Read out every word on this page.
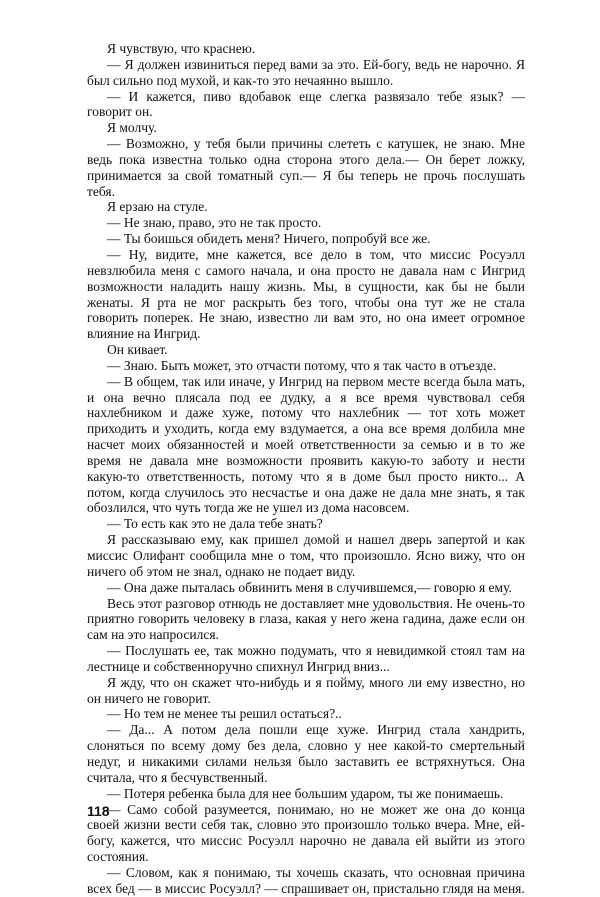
Я чувствую, что краснею.

— Я должен извиниться перед вами за это. Ей-богу, ведь не нарочно. Я был сильно под мухой, и как-то это нечаянно вышло.

— И кажется, пиво вдобавок еще слегка развязало тебе язык? — говорит он.

Я молчу.

— Возможно, у тебя были причины слететь с катушек, не знаю. Мне ведь пока известна только одна сторона этого дела.— Он берет ложку, принимается за свой томатный суп.— Я бы теперь не прочь послушать тебя.

Я ерзаю на стуле.

— Не знаю, право, это не так просто.

— Ты боишься обидеть меня? Ничего, попробуй все же.

— Ну, видите, мне кажется, все дело в том, что миссис Росуэлл невзлюбила меня с самого начала, и она просто не давала нам с Ингрид возможности наладить нашу жизнь. Мы, в сущности, как бы не были женаты. Я рта не мог раскрыть без того, чтобы она тут же не стала говорить поперек. Не знаю, известно ли вам это, но она имеет огромное влияние на Ингрид.

Он кивает.

— Знаю. Быть может, это отчасти потому, что я так часто в отъезде.

— В общем, так или иначе, у Ингрид на первом месте всегда была мать, и она вечно плясала под ее дудку, а я все время чувствовал себя нахлебником и даже хуже, потому что нахлебник — тот хоть может приходить и уходить, когда ему вздумается, а она все время долбила мне насчет моих обязанностей и моей ответственности за семью и в то же время не давала мне возможности проявить какую-то заботу и нести какую-то ответственность, потому что я в доме был просто никто... А потом, когда случилось это несчастье и она даже не дала мне знать, я так обозлился, что чуть тогда же не ушел из дома насовсем.

— То есть как это не дала тебе знать?

Я рассказываю ему, как пришел домой и нашел дверь запертой и как миссис Олифант сообщила мне о том, что произошло. Ясно вижу, что он ничего об этом не знал, однако не подает виду.

— Она даже пыталась обвинить меня в случившемся,— говорю я ему.

Весь этот разговор отнюдь не доставляет мне удовольствия. Не очень-то приятно говорить человеку в глаза, какая у него жена гадина, даже если он сам на это напросился.

— Послушать ее, так можно подумать, что я невидимкой стоял там на лестнице и собственноручно спихнул Ингрид вниз...

Я жду, что он скажет что-нибудь и я пойму, много ли ему известно, но он ничего не говорит.

— Но тем не менее ты решил остаться?..

— Да... А потом дела пошли еще хуже. Ингрид стала хандрить, слоняться по всему дому без дела, словно у нее какой-то смертельный недуг, и никакими силами нельзя было заставить ее встряхнуться. Она считала, что я бесчувственный.

— Потеря ребенка была для нее большим ударом, ты же понимаешь.

— Само собой разумеется, понимаю, но не может же она до конца своей жизни вести себя так, словно это произошло только вчера. Мне, ей-богу, кажется, что миссис Росуэлл нарочно не давала ей выйти из этого состояния.

— Словом, как я понимаю, ты хочешь сказать, что основная причина всех бед — в миссис Росуэлл? — спрашивает он, пристально глядя на меня.

118
